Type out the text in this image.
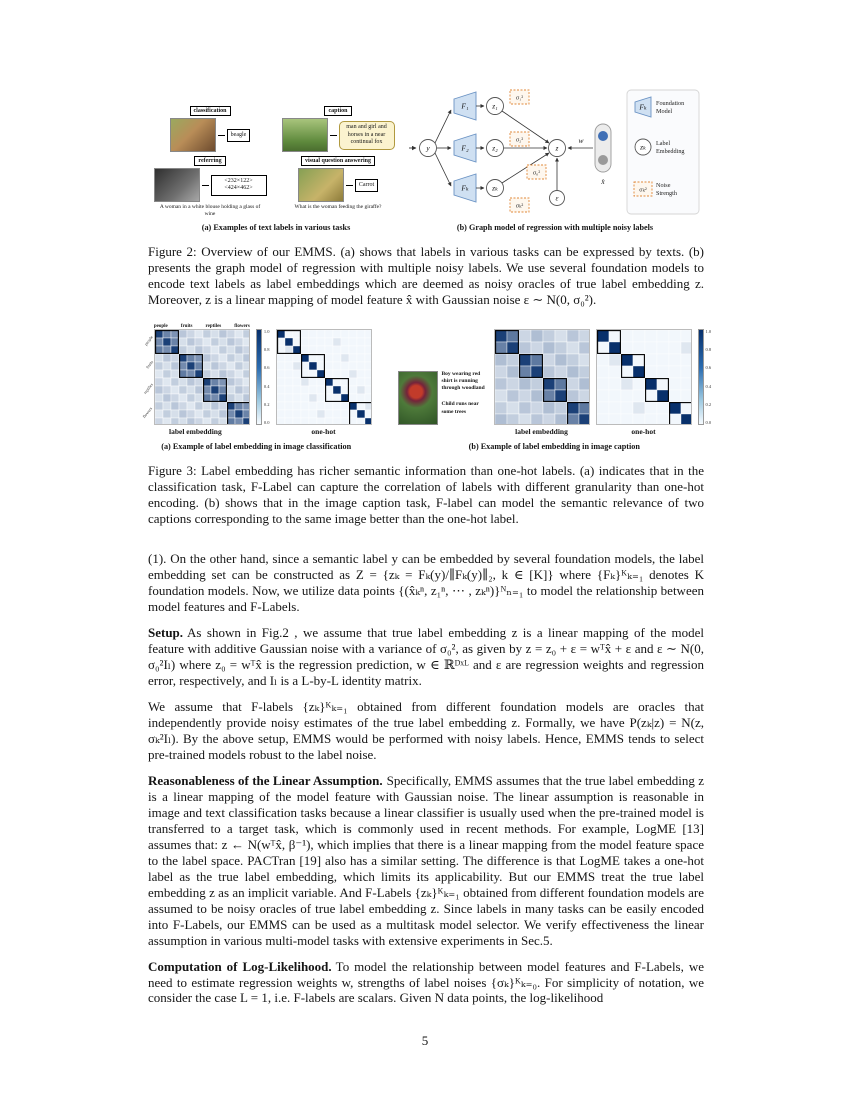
classification
beagle
caption
man and girl and horses in a near continual fox
referring
<232×122> <424×462>
A woman in a white blouse holding a glass of wine
visual question answering
Carrot
What is the woman feeding the giraffe?
(a) Examples of text labels in various tasks
y
F₁
F₂
Fₖ
z₁
z₂
zₖ
σ₁²
σ₂²
σₖ²
z
σ₀²
ε
x̂
w
Fₖ Foundation
Model
zₖ Label
Embedding
σₖ²
Noise
Strength
(b) Graph model of regression with multiple noisy labels
Figure 2: Overview of our EMMS. (a) shows that labels in various tasks can be expressed by texts. (b) presents the graph model of regression with multiple noisy labels. We use several foundation models to encode text labels as label embeddings which are deemed as noisy oracles of true label embedding z. Moreover, z is a linear mapping of model feature x̂ with Gaussian noise ε ∼ N(0, σ₀²).
people	fruits	reptiles	flowers
people
fruits
reptiles
flowers
label embedding
1.0
0.8
0.6
0.4
0.2
0.0
one-hot
(a) Example of label embedding in image classification
Boy wearing red shirt is running through woodland
Child runs near some trees
label embedding	one-hot
1.0
0.8
0.6
0.4
0.2
0.0
(b) Example of label embedding in image caption
Figure 3: Label embedding has richer semantic information than one-hot labels. (a) indicates that in the classification task, F-Label can capture the correlation of labels with different granularity than one-hot encoding. (b) shows that in the image caption task, F-label can model the semantic relevance of two captions corresponding to the same image better than the one-hot label.

(1). On the other hand, since a semantic label y can be embedded by several foundation models, the label embedding set can be constructed as Z = {zₖ = Fₖ(y)/∥Fₖ(y)∥₂, k ∈ [K]} where {Fₖ}ᴷₖ₌₁ denotes K foundation models. Now, we utilize data points {(x̂ₖⁿ, z₁ⁿ, ⋯ , zₖⁿ)}ᴺₙ₌₁ to model the relationship between model features and F-Labels.

Setup. As shown in Fig.2 , we assume that true label embedding z is a linear mapping of the model feature with additive Gaussian noise with a variance of σ₀², as given by z = z₀ + ε = wᵀx̂ + ε and ε ∼ N(0, σ₀²Iₗ) where z₀ = wᵀx̂ is the regression prediction, w ∈ ℝᴰˣᴸ and ε are regression weights and regression error, respectively, and Iₗ is a L-by-L identity matrix.

We assume that F-labels {zₖ}ᴷₖ₌₁ obtained from different foundation models are oracles that independently provide noisy estimates of the true label embedding z. Formally, we have P(zₖ|z) = N(z, σₖ²Iₗ). By the above setup, EMMS would be performed with noisy labels. Hence, EMMS tends to select pre-trained models robust to the label noise.

Reasonableness of the Linear Assumption. Specifically, EMMS assumes that the true label embedding z is a linear mapping of the model feature with Gaussian noise. The linear assumption is reasonable in image and text classification tasks because a linear classifier is usually used when the pre-trained model is transferred to a target task, which is commonly used in recent methods. For example, LogME [13] assumes that: z ← N(wᵀx̂, β⁻¹), which implies that there is a linear mapping from the model feature space to the label space. PACTran [19] also has a similar setting. The difference is that LogME takes a one-hot label as the true label embedding, which limits its applicability. But our EMMS treat the true label embedding z as an implicit variable. And F-Labels {zₖ}ᴷₖ₌₁ obtained from different foundation models are assumed to be noisy oracles of true label embedding z. Since labels in many tasks can be easily encoded into F-Labels, our EMMS can be used as a multitask model selector. We verify effectiveness the linear assumption in various multi-model tasks with extensive experiments in Sec.5.

Computation of Log-Likelihood. To model the relationship between model features and F-Labels, we need to estimate regression weights w, strengths of label noises {σₖ}ᴷₖ₌₀. For simplicity of notation, we consider the case L = 1, i.e. F-labels are scalars. Given N data points, the log-likelihood

5
